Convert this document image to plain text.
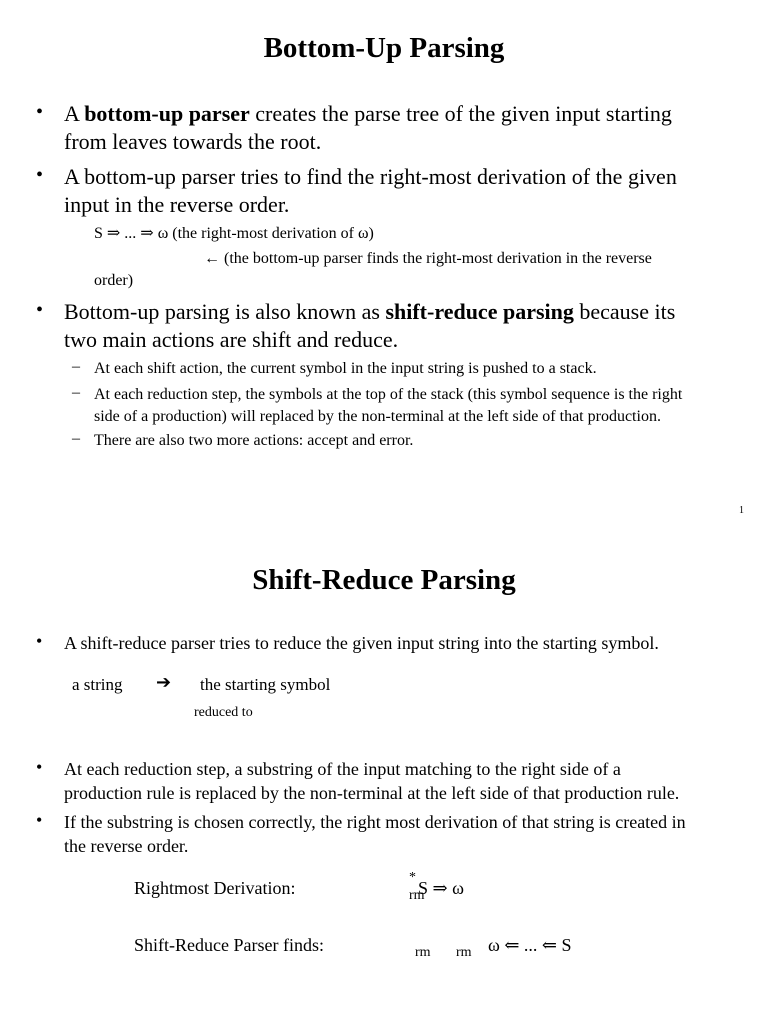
Bottom-Up Parsing
• A bottom-up parser creates the parse tree of the given input starting
from leaves towards the root.
• A bottom-up parser tries to find the right-most derivation of the given
input in the reverse order.
S ⇒ ... ⇒ ω (the right-most derivation of ω)
← (the bottom-up parser finds the right-most derivation in the reverse
order)
• Bottom-up parsing is also known as shift-reduce parsing because its
two main actions are shift and reduce.
– At each shift action, the current symbol in the input string is pushed to a stack.
– At each reduction step, the symbols at the top of the stack (this symbol sequence is the right
side of a production) will replaced by the non-terminal at the left side of that production.
– There are also two more actions: accept and error.
1
Shift-Reduce Parsing
• A shift-reduce parser tries to reduce the given input string into the starting symbol.
a string ➔ the starting symbol
reduced to
• At each reduction step, a substring of the input matching to the right side of a
production rule is replaced by the non-terminal at the left side of that production rule.
• If the substring is chosen correctly, the right most derivation of that string is created in
the reverse order.
Rightmost Derivation:
*
S ⇒ ω
rm
Shift-Reduce Parser finds:	rm rm ω ⇐ ... ⇐ S
